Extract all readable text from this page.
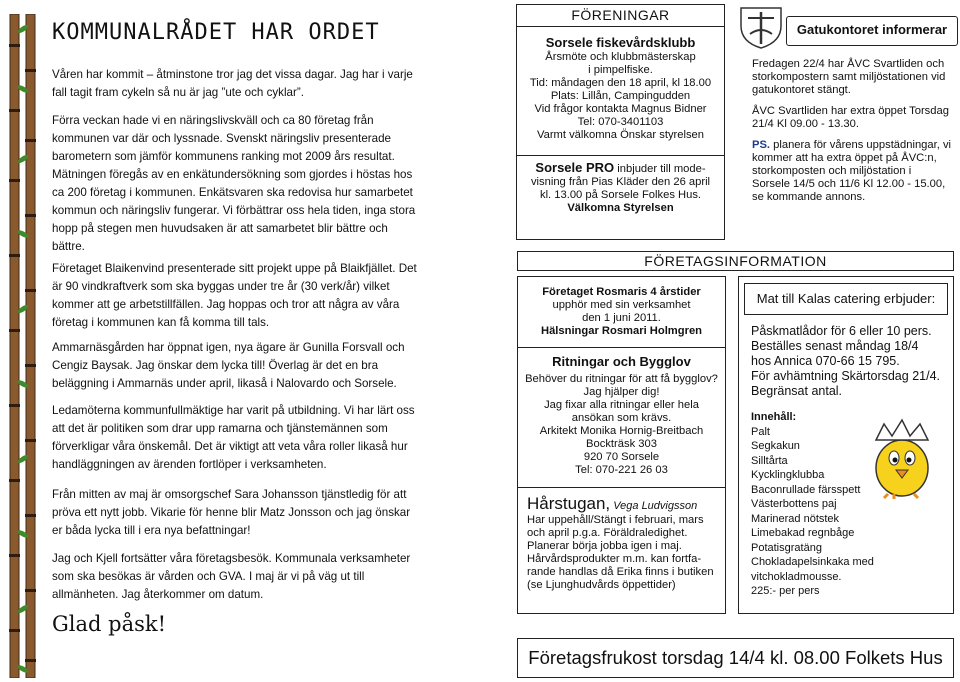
KOMMUNALRÅDET HAR ORDET

Våren har kommit – åtminstone tror jag det vissa dagar. Jag har i varje fall tagit fram cykeln så nu är jag ”ute och cyklar”.

Förra veckan hade vi en näringslivskväll och ca 80 företag från kommunen var där och lyssnade. Svenskt näringsliv presenterade barometern som jämför kommunens ranking mot 2009 års resultat. Mätningen föregås av en enkätundersökning som gjordes i höstas hos ca 200 företag i kommunen. Enkätsvaren ska redovisa hur samarbetet kommun och näringsliv fungerar. Vi förbättrar oss hela tiden, inga stora hopp på stegen men huvudsaken är att samarbetet blir bättre och bättre.

Företaget Blaikenvind presenterade sitt projekt uppe på Blaikfjället. Det är 90 vindkraftverk som ska byggas under tre år (30 verk/år) vilket kommer att ge arbetstillfällen. Jag hoppas och tror att några av våra företag i kommunen kan få komma till tals.

Ammarnäsgården har öppnat igen, nya ägare är Gunilla Forsvall och Cengiz Baysak. Jag önskar dem lycka till! Överlag är det en bra beläggning i Ammarnäs under april, likaså i Nalovardo och Sorsele.

Ledamöterna kommunfullmäktige har varit på utbildning. Vi har lärt oss att det är politiken som drar upp ramarna och tjänstemännen som förverkligar våra önskemål. Det är viktigt att veta våra roller likaså hur handläggningen av ärenden fortlöper i verksamheten.

Från mitten av maj är omsorgschef Sara Johansson tjänstledig för att pröva ett nytt jobb. Vikarie för henne blir Matz Jonsson och jag önskar er båda lycka till i era nya befattningar!

Jag och Kjell fortsätter våra företagsbesök. Kommunala verksamheter som ska besökas är vården och GVA. I maj är vi på väg ut till allmänheten. Jag återkommer om datum.

Glad påsk!
FÖRENINGAR
Sorsele fiskevårdsklubb
Årsmöte och klubbmästerskap
i pimpelfiske.
Tid: måndagen den 18 april, kl 18.00
Plats: Lillån, Campingudden
Vid frågor kontakta Magnus Bidner
Tel: 070-3401103
Varmt välkomna Önskar styrelsen
Sorsele PRO inbjuder till mode-
visning från Pias Kläder den 26 april
kl. 13.00 på Sorsele Folkes Hus.
Välkomna Styrelsen
Gatukontoret informerar
Fredagen 22/4 har ÅVC Svartliden och storkompostern samt miljöstationen vid gatukontoret stängt.
ÅVC Svartliden har extra öppet Torsdag 21/4 Kl 09.00 - 13.30.
PS. planera för vårens uppstädningar, vi kommer att ha extra öppet på ÅVC:n, storkomposten och miljöstation i Sorsele 14/5 och 11/6 Kl 12.00 - 15.00, se kommande annons.
FÖRETAGSINFORMATION
Företaget Rosmaris 4 årstider
upphör med sin verksamhet
den 1 juni 2011.
Hälsningar Rosmari Holmgren
Ritningar och Bygglov
Behöver du ritningar för att få bygglov?
Jag hjälper dig!
Jag fixar alla ritningar eller hela
ansökan som krävs.
Arkitekt Monika Hornig-Breitbach
Bockträsk 303
920 70 Sorsele
Tel: 070-221 26 03
Hårstugan, Vega Ludvigsson
Har uppehåll/Stängt i februari, mars
och april p.g.a. Föräldraledighet.
Planerar börja jobba igen i maj.
Hårvårdsprodukter m.m. kan fortfa-
rande handlas då Erika finns i butiken (se Ljunghudvårds öppettider)
Mat till Kalas catering erbjuder:
Påskmatlådor för 6 eller 10 pers.
Beställes senast måndag 18/4
hos Annica 070-66 15 795.
För avhämtning Skärtorsdag 21/4.
Begränsat antal.
Innehåll:
Palt
Segkakun
Silltårta
Kycklingklubba
Baconrullade färsspett
Västerbottens paj
Marinerad nötstek
Limebakad regnbåge
Potatisgratäng
Chokladapelsinkaka med vitchokladmousse.
225:- per pers
Företagsfrukost torsdag 14/4 kl. 08.00 Folkets Hus
